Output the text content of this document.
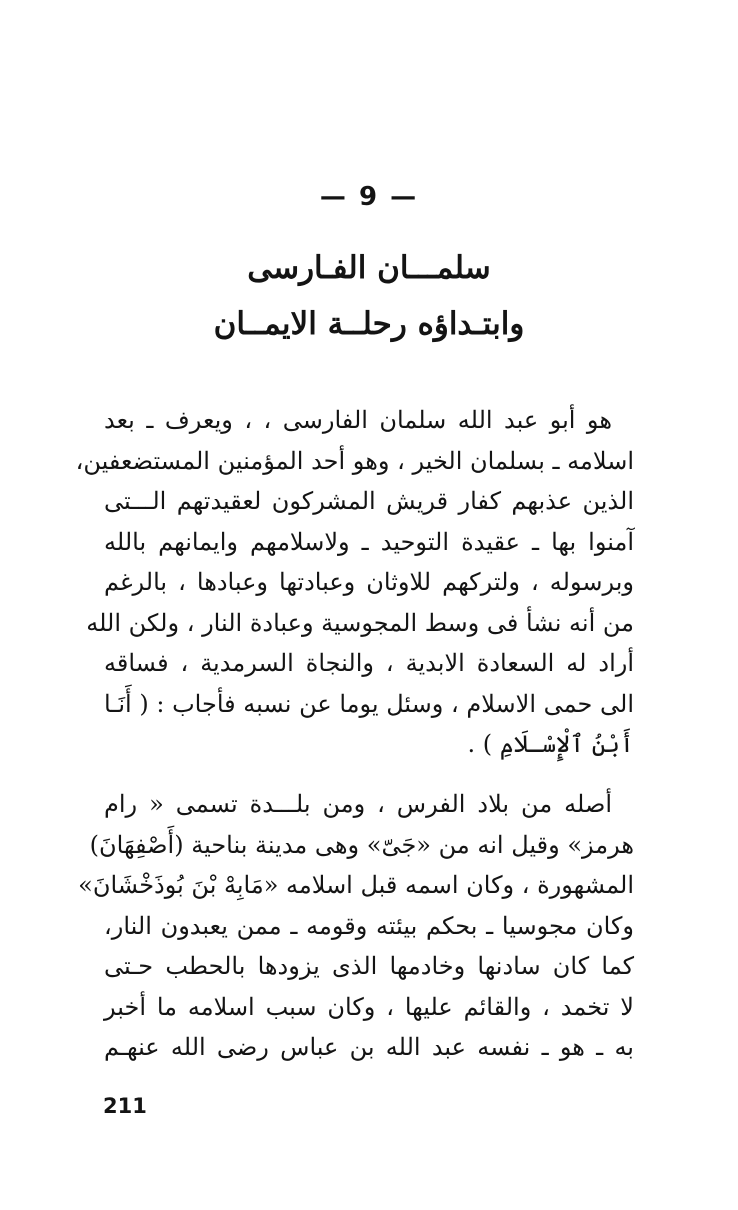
— 9 —
سلمـــان الفـارسى
وابتـداؤه رحلــة الايمــان
هو أبو عبد الله سلمان الفارسى ، ، ويعرف ـ بعد
اسلامه ـ بسلمان الخير ، وهو أحد المؤمنين المستضعفين،
الذين عذبهم كفار قريش المشركون لعقيدتهم الـــتى
آمنوا بها ـ عقيدة التوحيد ـ ولاسلامهم وايمانهم بالله
وبرسوله ، ولتركهم للاوثان وعبادتها وعبادها ، بالرغم
من أنه نشأ فى وسط المجوسية وعبادة النار ، ولكن الله
أراد له السعادة الابدية ، والنجاة السرمدية ، فساقه
الى حمى الاسلام ، وسئل يوما عن نسبه فأجاب : ( أَنَـا
أَبْنُ ٱلْإِسْـلَامِ ) .
أصله من بلاد الفرس ، ومن بلـــدة تسمى « رام
هرمز» وقيل انه من «جَىّ» وهى مدينة بناحية (أَصْفِهَانَ)
المشهورة ، وكان اسمه قبل اسلامه «مَابِهْ بْنَ بُوذَخْشَانَ»
وكان مجوسيا ـ بحكم بيئته وقومه ـ ممن يعبدون النار،
كما كان سادنها وخادمها الذى يزودها بالحطب حـتى
لا تخمد ، والقائم عليها ، وكان سبب اسلامه ما أخبر
به ـ هو ـ نفسه عبد الله بن عباس رضى الله عنهـم
211
